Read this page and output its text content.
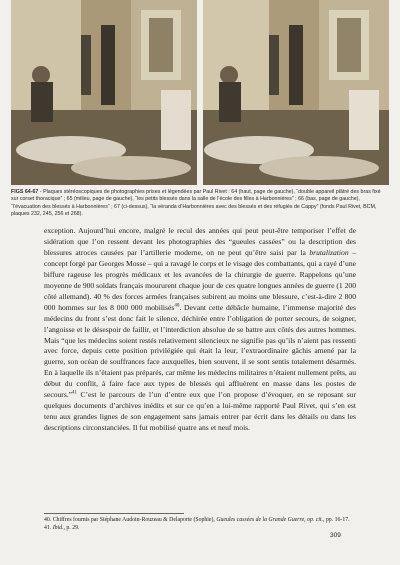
FIGS 64-67 - Plaques stéréoscopiques de photographies prises et légendées par Paul Rivet : 64 (haut, page de gauche), “double appareil plâtré des bras fixé sur corset thoracique” ; 65 (milieu, page de gauche), “les petits blessés dans la salle de l’école des filles à Harbonnières” ; 66 (bas, page de gauche), “l’évacuation des blessés à Harbonnières” ; 67 (ci-dessus), “la véranda d’Harbonnières avec des blessés et des réfugiés de Cappy” (fonds Paul Rivet, BCM, plaques 232, 245, 256 et 268).

exception. Aujourd’hui encore, malgré le recul des années qui peut peut-être temporiser l’effet de sidération que l’on ressent devant les photographies des “gueules cassées” ou la description des blessures atroces causées par l’artillerie moderne, on ne peut qu’être saisi par la brutalization – concept forgé par Georges Mosse – qui a ravagé le corps et le visage des combattants, qui a rayé d’une biffure rageuse les progrès médicaux et les avancées de la chirurgie de guerre. Rappelons qu’une moyenne de 900 soldats français moururent chaque jour de ces quatre longues années de guerre (1 200 côté allemand). 40 % des forces armées françaises subirent au moins une blessure, c’est-à-dire 2 800 000 hommes sur les 8 000 000 mobilisés$^{40}$. Devant cette débâcle humaine, l’immense majorité des médecins du front s’est donc fait le silence, déchirée entre l’obligation de porter secours, de soigner, l’angoisse et le désespoir de faillir, et l’interdiction absolue de se battre aux côtés des autres hommes. Mais “que les médecins soient restés relativement silencieux ne signifie pas qu’ils n’aient pas ressenti avec force, depuis cette position privilégiée qui était la leur, l’extraordinaire gâchis amené par la guerre, son océan de souffrances face auxquelles, bien souvent, il se sont sentis totalement désarmés. En à laquelle ils n’étaient pas préparés, car même les médecins militaires n’étaient nullement prêts, au début du conflit, à faire face aux types de blessés qui affluèrent en masse dans les postes de secours.”$^{41}$ C’est le parcours de l’un d’entre eux que l’on propose d’évoquer, en se reposant sur quelques documents d’archives inédits et sur ce qu’en a lui-même rapporté Paul Rivet, qui s’en est tenu aux grandes lignes de son engagement sans jamais entrer par écrit dans les détails ou dans les descriptions circonstanciées. Il fut mobilisé quatre ans et neuf mois.

40. Chiffres fournis par Stéphane Audoin-Rouzeau & Delaporte (Sophie), Gueules cassées de la Grande Guerre, op. cit., pp. 16-17.
41. Ibid., p. 29.
309
